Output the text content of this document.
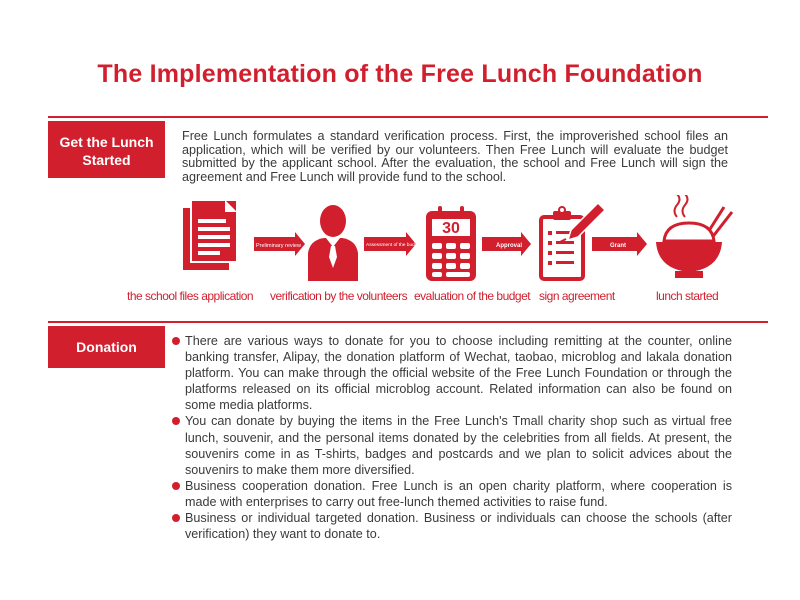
The Implementation of the Free Lunch Foundation
Get the Lunch
Started
Free Lunch formulates a standard verification process. First, the improverished school files an application, which will be verified by our volunteers. Then Free Lunch will evaluate the budget submitted by the applicant school. After the evaluation, the school and Free Lunch will sign the agreement and Free Lunch will provide fund to the school.
Preliminary review	Assessment of the budget
30
Approval	Grant
the school files application verification by the volunteers evaluation of the budget sign agreement	lunch started
Donation	There are various ways to donate for you to choose including remitting at the counter, online banking transfer, Alipay, the donation platform of Wechat, taobao, microblog and lakala donation platform. You can make through the official website of the Free Lunch Foundation or through the platforms released on its official microblog account. Related information can also be found on some media platforms.
You can donate by buying the items in the Free Lunch's Tmall charity shop such as virtual free lunch, souvenir, and the personal items donated by the celebrities from all fields. At present, the souvenirs come in as T-shirts, badges and postcards and we plan to solicit advices about the souvenirs to make them more diversified.
Business cooperation donation. Free Lunch is an open charity platform, where cooperation is made with enterprises to carry out free-lunch themed activities to raise fund.
Business or individual targeted donation. Business or individuals can choose the schools (after verification) they want to donate to.
